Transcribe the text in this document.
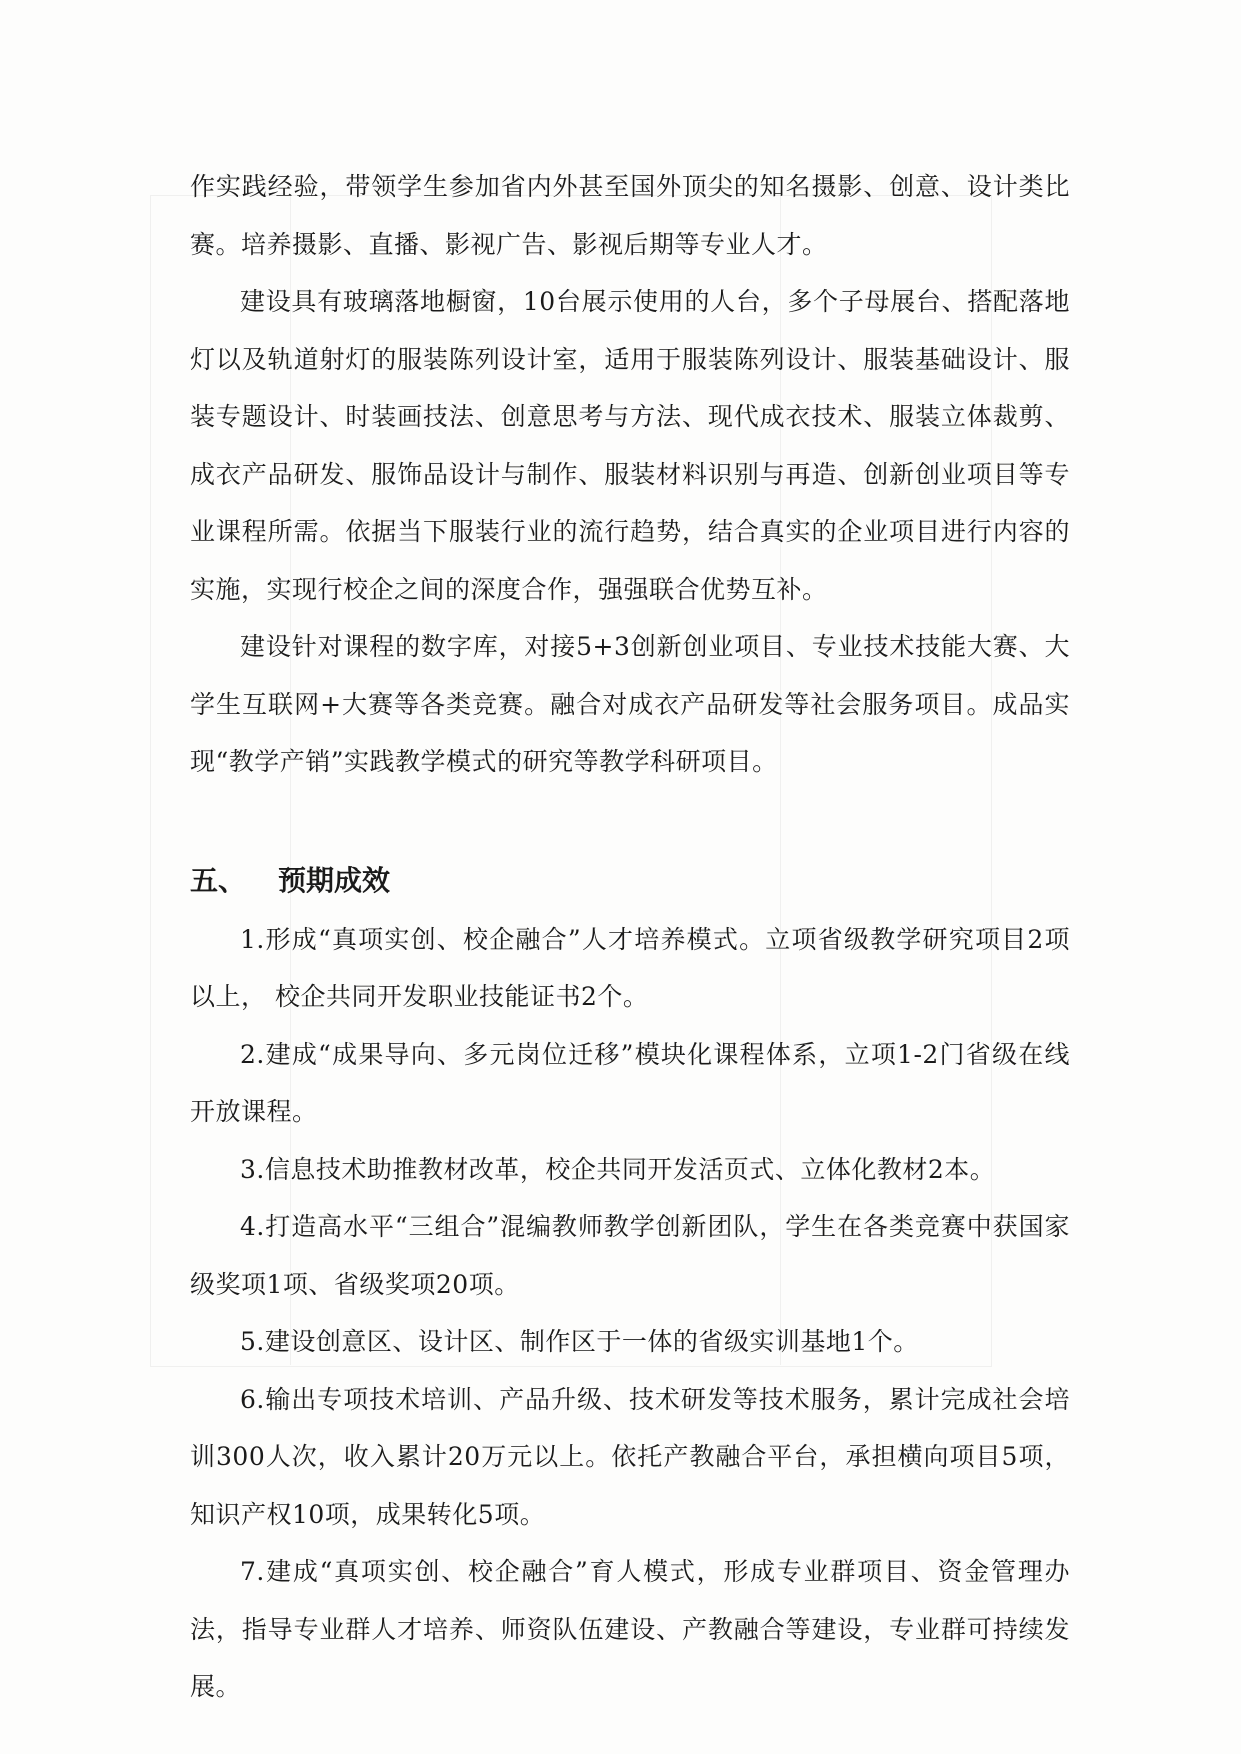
作实践经验，带领学生参加省内外甚至国外顶尖的知名摄影、创意、设计类比赛。培养摄影、直播、影视广告、影视后期等专业人才。

建设具有玻璃落地橱窗，10台展示使用的人台，多个子母展台、搭配落地灯以及轨道射灯的服装陈列设计室，适用于服装陈列设计、服装基础设计、服装专题设计、时装画技法、创意思考与方法、现代成衣技术、服装立体裁剪、成衣产品研发、服饰品设计与制作、服装材料识别与再造、创新创业项目等专业课程所需。依据当下服装行业的流行趋势，结合真实的企业项目进行内容的实施，实现行校企之间的深度合作，强强联合优势互补。

建设针对课程的数字库，对接5+3创新创业项目、专业技术技能大赛、大学生互联网+大赛等各类竞赛。融合对成衣产品研发等社会服务项目。成品实现“教学产销”实践教学模式的研究等教学科研项目。

五、 预期成效

1.形成“真项实创、校企融合”人才培养模式。立项省级教学研究项目2项以上， 校企共同开发职业技能证书2个。

2.建成“成果导向、多元岗位迁移”模块化课程体系，立项1-2门省级在线开放课程。

3.信息技术助推教材改革，校企共同开发活页式、立体化教材2本。

4.打造高水平“三组合”混编教师教学创新团队，学生在各类竞赛中获国家级奖项1项、省级奖项20项。

5.建设创意区、设计区、制作区于一体的省级实训基地1个。

6.输出专项技术培训、产品升级、技术研发等技术服务，累计完成社会培训300人次，收入累计20万元以上。依托产教融合平台，承担横向项目5项，知识产权10项，成果转化5项。

7.建成“真项实创、校企融合”育人模式，形成专业群项目、资金管理办法，指导专业群人才培养、师资队伍建设、产教融合等建设，专业群可持续发展。
